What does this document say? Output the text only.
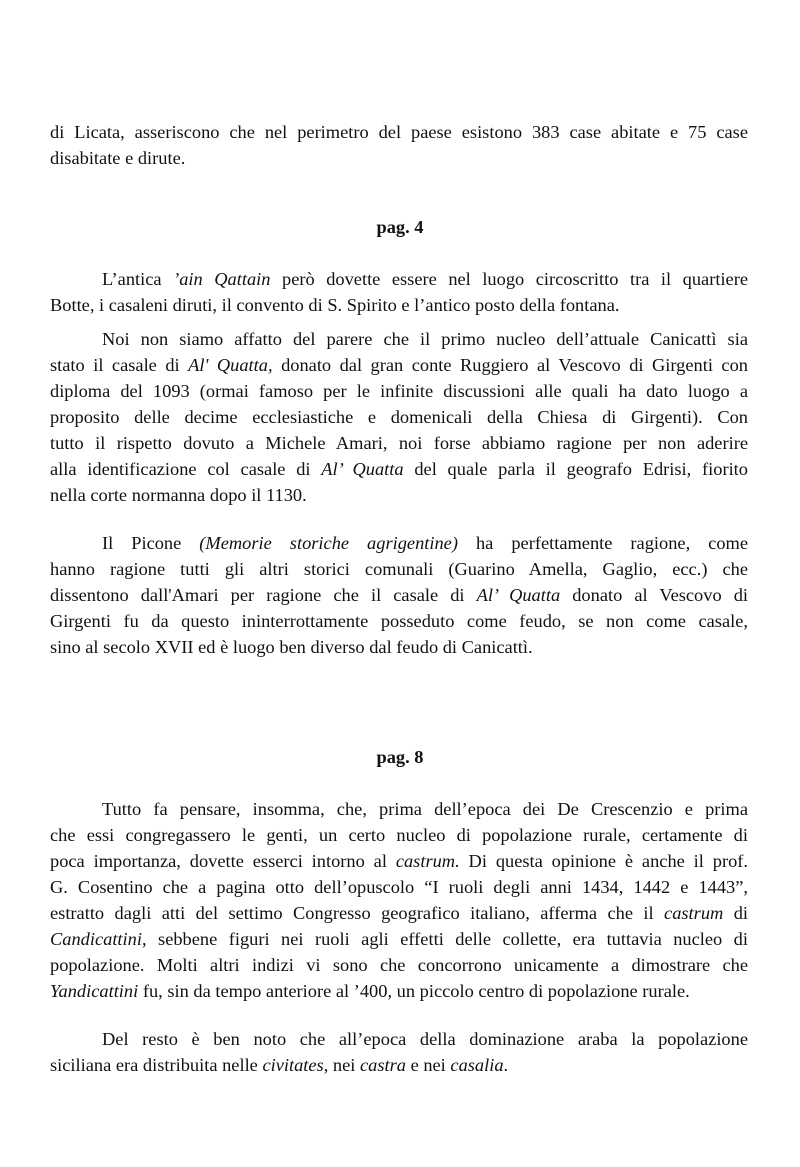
di Licata, asseriscono che nel perimetro del paese esistono 383 case abitate e 75 case
disabitate e dirute.
pag. 4
L’antica ’ain Qattain però dovette essere nel luogo circoscritto tra il quartiere
Botte, i casaleni diruti, il convento di S. Spirito e l’antico posto della fontana.
Noi non siamo affatto del parere che il primo nucleo dell’attuale Canicattì sia
stato il casale di Al' Quatta, donato dal gran conte Ruggiero al Vescovo di Girgenti con
diploma del 1093 (ormai famoso per le infinite discussioni alle quali ha dato luogo a
proposito delle decime ecclesiastiche e domenicali della Chiesa di Girgenti). Con
tutto il rispetto dovuto a Michele Amari, noi forse abbiamo ragione per non aderire
alla identificazione col casale di Al’ Quatta del quale parla il geografo Edrisi, fiorito
nella corte normanna dopo il 1130.
Il Picone (Memorie storiche agrigentine) ha perfettamente ragione, come
hanno ragione tutti gli altri storici comunali (Guarino Amella, Gaglio, ecc.) che
dissentono dall'Amari per ragione che il casale di Al’ Quatta donato al Vescovo di
Girgenti fu da questo ininterrottamente posseduto come feudo, se non come casale,
sino al secolo XVII ed è luogo ben diverso dal feudo di Canicattì.
pag. 8
Tutto fa pensare, insomma, che, prima dell’epoca dei De Crescenzio e prima
che essi congregassero le genti, un certo nucleo di popolazione rurale, certamente di
poca importanza, dovette esserci intorno al castrum. Di questa opinione è anche il prof.
G. Cosentino che a pagina otto dell’opuscolo “I ruoli degli anni 1434, 1442 e 1443”,
estratto dagli atti del settimo Congresso geografico italiano, afferma che il castrum di
Candicattini, sebbene figuri nei ruoli agli effetti delle collette, era tuttavia nucleo di
popolazione. Molti altri indizi vi sono che concorrono unicamente a dimostrare che
Yandicattini fu, sin da tempo anteriore al ’400, un piccolo centro di popolazione rurale.
Del resto è ben noto che all’epoca della dominazione araba la popolazione
siciliana era distribuita nelle civitates, nei castra e nei casalia.
